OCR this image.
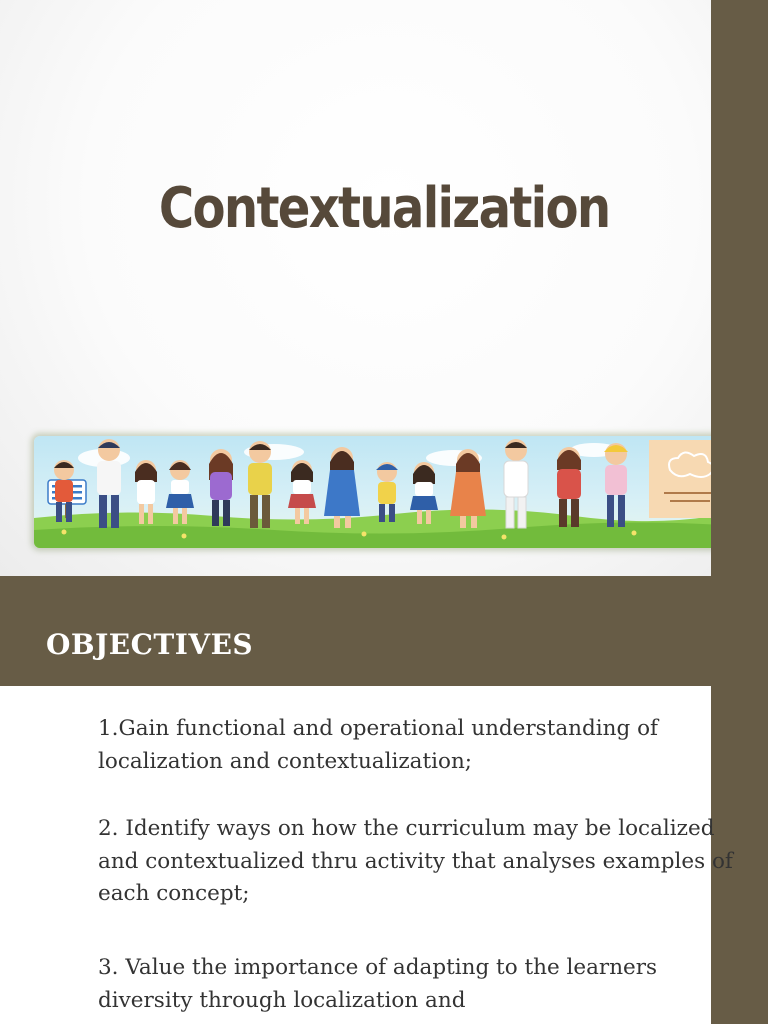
Contextualization
OBJECTIVES

1.Gain functional and operational understanding of localization and contextualization;

2. Identify ways on how the curriculum may be localized and contextualized thru activity that analyses examples of each concept;

3. Value the importance of adapting to the learners diversity through localization and
